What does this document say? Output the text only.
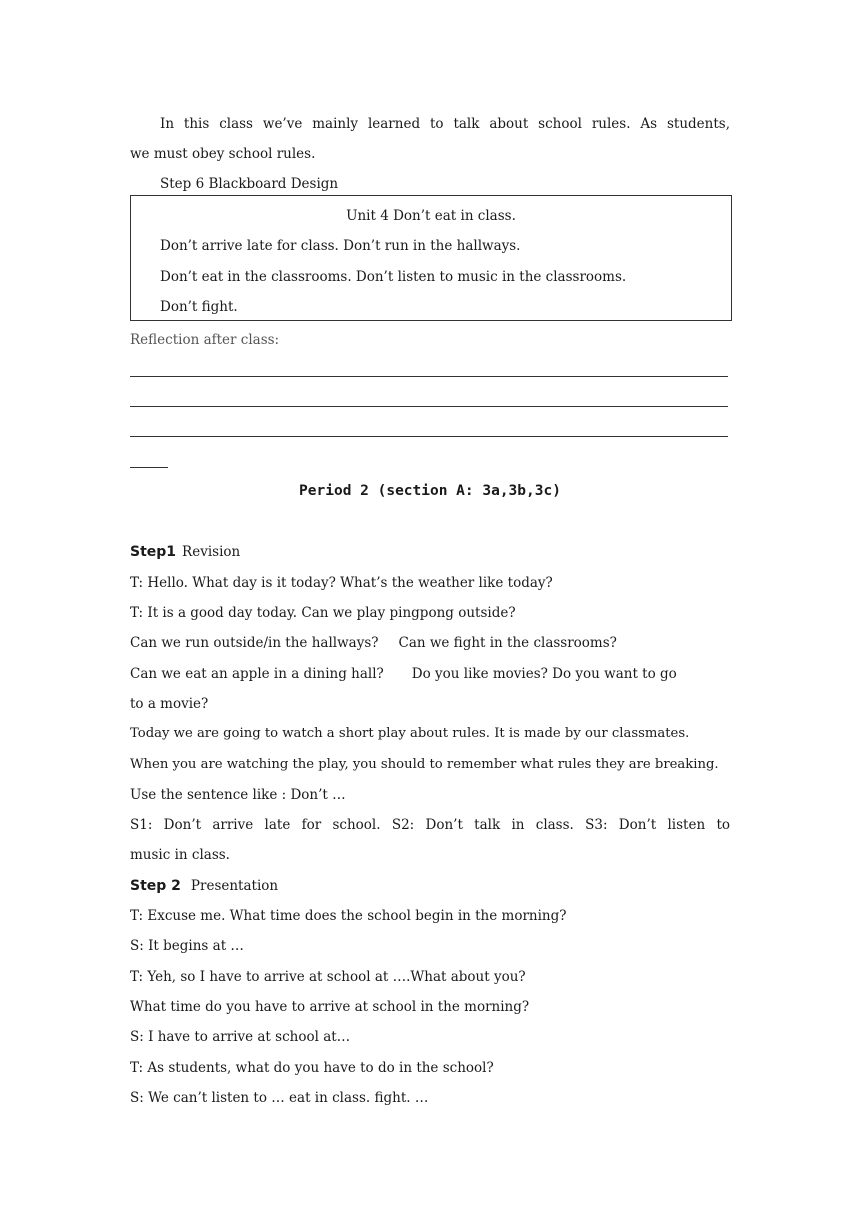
In this class we’ve mainly learned to talk about school rules. As students,
we must obey school rules.
Step 6 Blackboard Design
Unit 4 Don’t eat in class.
Don’t arrive late for class. Don’t run in the hallways.
Don’t eat in the classrooms. Don’t listen to music in the classrooms.
Don’t fight.
Reflection after class:
Period 2 (section A: 3a,3b,3c)
Step1 Revision
T: Hello. What day is it today? What’s the weather like today?
T: It is a good day today. Can we play pingpong outside?
Can we run outside/in the hallways? Can we fight in the classrooms?
Can we eat an apple in a dining hall? Do you like movies? Do you want to go
to a movie?
Today we are going to watch a short play about rules. It is made by our classmates.
When you are watching the play, you should to remember what rules they are breaking.
Use the sentence like : Don’t …
S1: Don’t arrive late for school. S2: Don’t talk in class. S3: Don’t listen to
music in class.
Step 2 Presentation
T: Excuse me. What time does the school begin in the morning?
S: It begins at …
T: Yeh, so I have to arrive at school at ….What about you?
What time do you have to arrive at school in the morning?
S: I have to arrive at school at…
T: As students, what do you have to do in the school?
S: We can’t listen to … eat in class. fight. …
